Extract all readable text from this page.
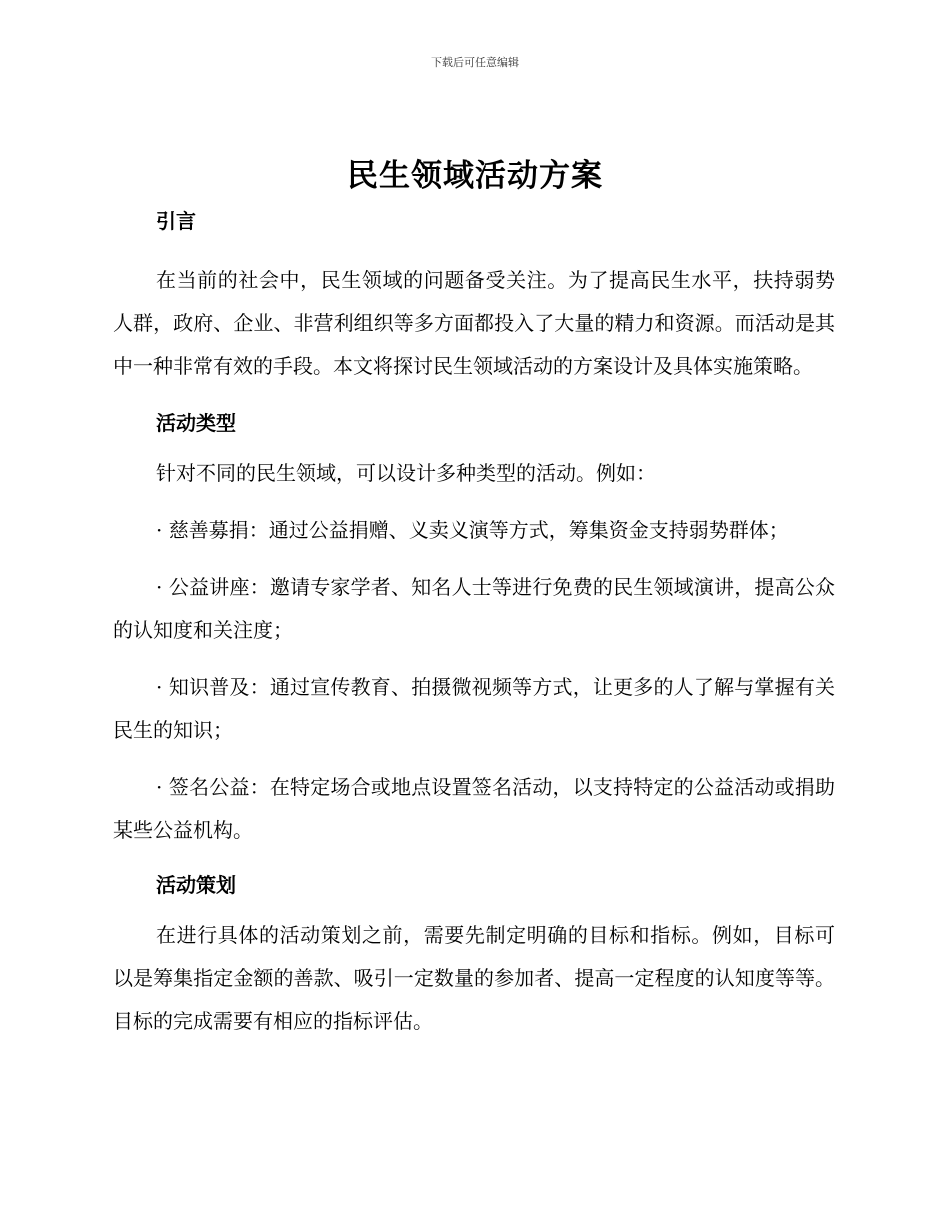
下载后可任意编辑
民生领域活动方案

引言

在当前的社会中，民生领域的问题备受关注。为了提高民生水平，扶持弱势人群，政府、企业、非营利组织等多方面都投入了大量的精力和资源。而活动是其中一种非常有效的手段。本文将探讨民生领域活动的方案设计及具体实施策略。

活动类型

针对不同的民生领域，可以设计多种类型的活动。例如：

· 慈善募捐：通过公益捐赠、义卖义演等方式，筹集资金支持弱势群体；

· 公益讲座：邀请专家学者、知名人士等进行免费的民生领域演讲，提高公众的认知度和关注度；

· 知识普及：通过宣传教育、拍摄微视频等方式，让更多的人了解与掌握有关民生的知识；

· 签名公益：在特定场合或地点设置签名活动，以支持特定的公益活动或捐助某些公益机构。

活动策划

在进行具体的活动策划之前，需要先制定明确的目标和指标。例如，目标可以是筹集指定金额的善款、吸引一定数量的参加者、提高一定程度的认知度等等。目标的完成需要有相应的指标评估。
